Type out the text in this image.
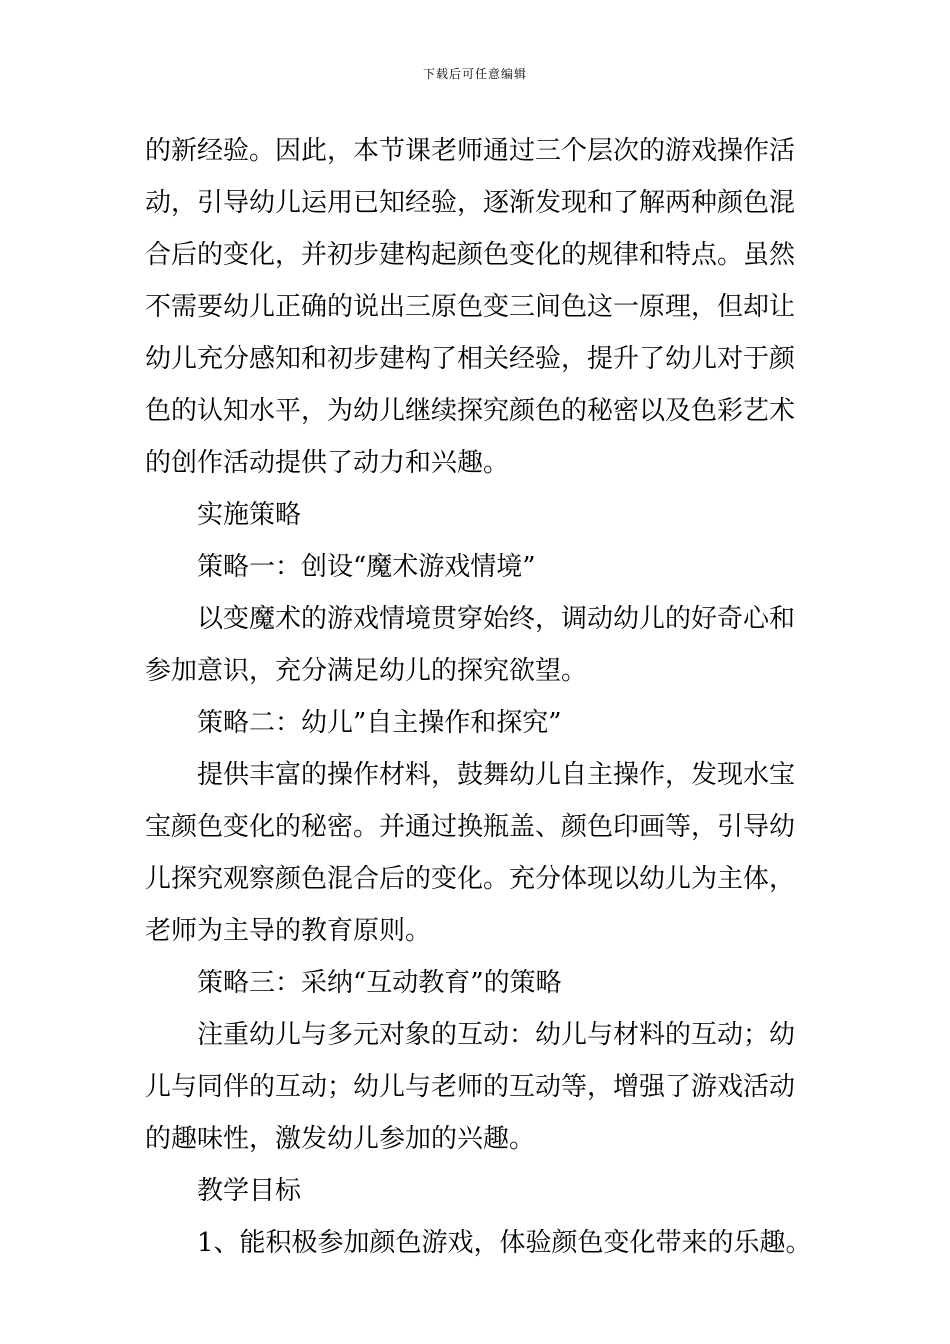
下载后可任意编辑
的新经验。因此，本节课老师通过三个层次的游戏操作活
动，引导幼儿运用已知经验，逐渐发现和了解两种颜色混
合后的变化，并初步建构起颜色变化的规律和特点。虽然
不需要幼儿正确的说出三原色变三间色这一原理，但却让
幼儿充分感知和初步建构了相关经验，提升了幼儿对于颜
色的认知水平，为幼儿继续探究颜色的秘密以及色彩艺术
的创作活动提供了动力和兴趣。
实施策略
策略一：创设“魔术游戏情境”
以变魔术的游戏情境贯穿始终，调动幼儿的好奇心和
参加意识，充分满足幼儿的探究欲望。
策略二：幼儿”自主操作和探究”
提供丰富的操作材料，鼓舞幼儿自主操作，发现水宝
宝颜色变化的秘密。并通过换瓶盖、颜色印画等，引导幼
儿探究观察颜色混合后的变化。充分体现以幼儿为主体，
老师为主导的教育原则。
策略三：采纳“互动教育”的策略
注重幼儿与多元对象的互动：幼儿与材料的互动；幼
儿与同伴的互动；幼儿与老师的互动等，增强了游戏活动
的趣味性，激发幼儿参加的兴趣。
教学目标
1、能积极参加颜色游戏，体验颜色变化带来的乐趣。
